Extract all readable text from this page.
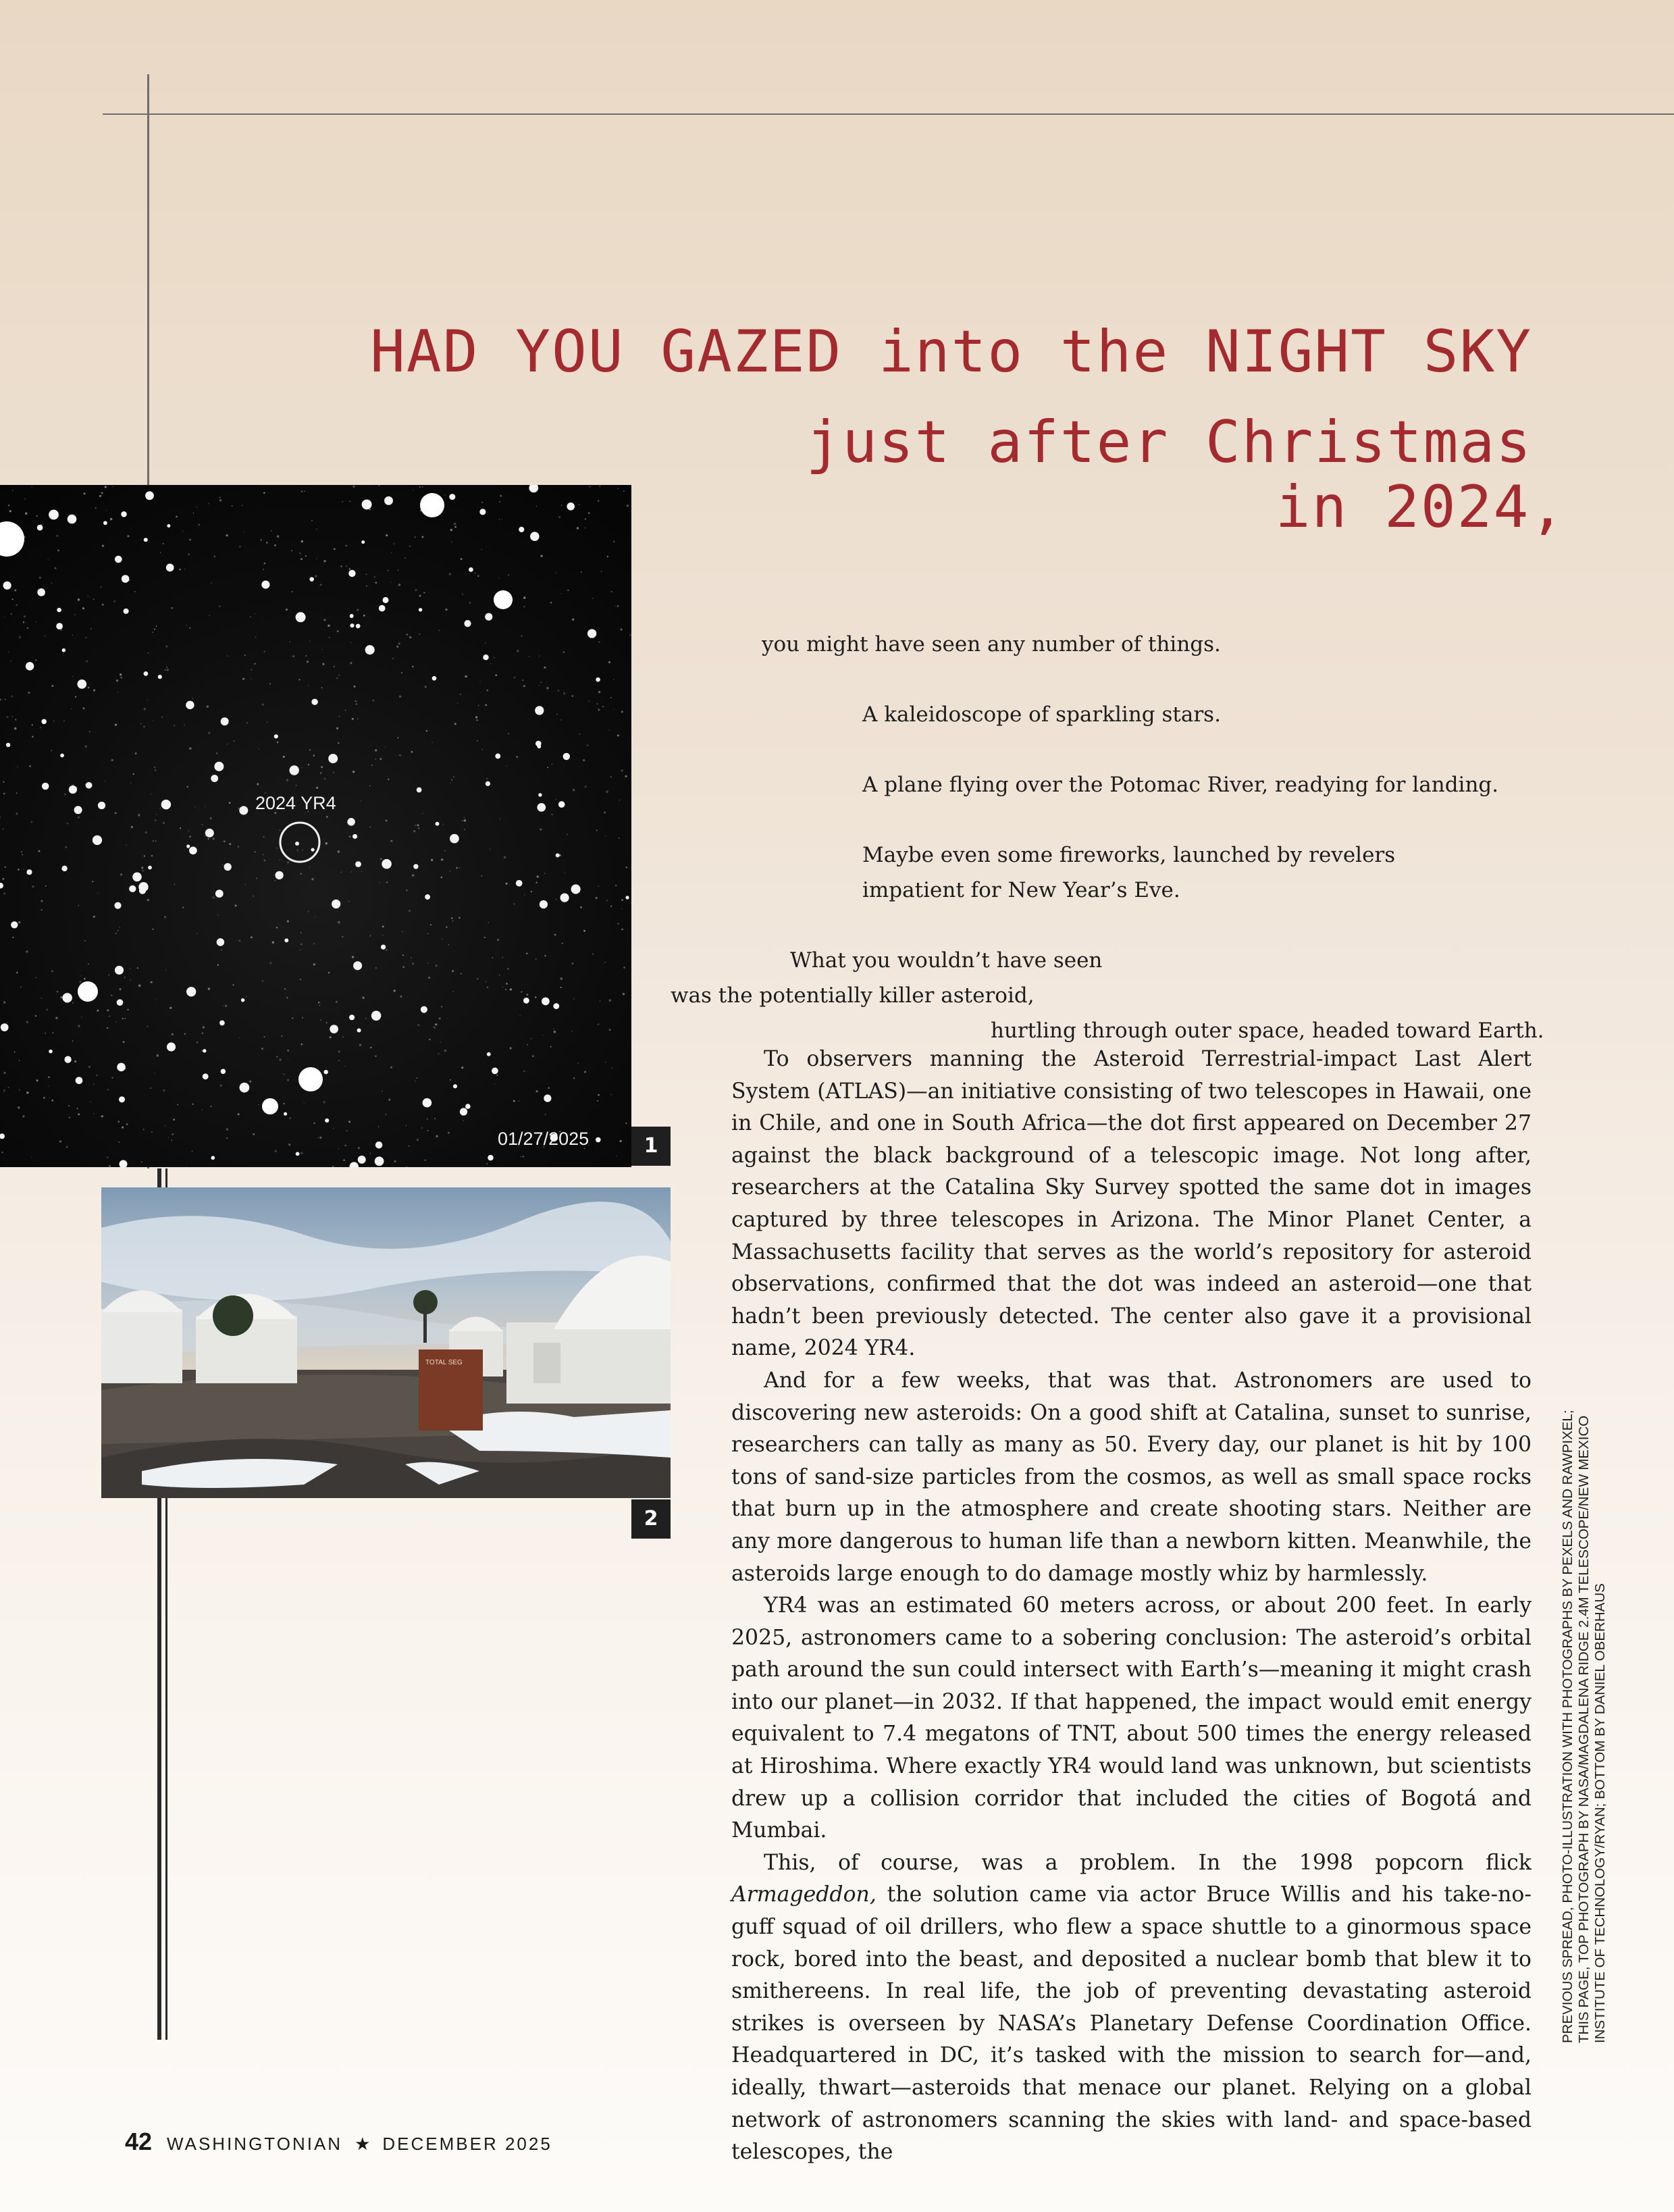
HAD YOU GAZED into the NIGHT SKY
just after Christmas
in 2024,
2024 YR4
01/27/2025	1
TOTAL SEG
2
you might have seen any number of things.
A kaleidoscope of sparkling stars.
A plane flying over the Potomac River, readying for landing.
Maybe even some fireworks, launched by revelers
impatient for New Year’s Eve.
What you wouldn’t have seen
was the potentially killer asteroid,
hurtling through outer space, headed toward Earth.

To observers manning the Asteroid Terrestrial-impact Last Alert System (ATLAS)—an initiative consisting of two telescopes in Hawaii, one in Chile, and one in South Africa—the dot first appeared on December 27 against the black background of a telescopic image. Not long after, researchers at the Catalina Sky Survey spotted the same dot in images captured by three telescopes in Arizona. The Minor Planet Center, a Massachusetts facility that serves as the world’s repository for asteroid observations, confirmed that the dot was indeed an asteroid—one that hadn’t been previously detected. The center also gave it a provisional name, 2024 YR4.

And for a few weeks, that was that. Astronomers are used to discovering new asteroids: On a good shift at Catalina, sunset to sunrise, researchers can tally as many as 50. Every day, our planet is hit by 100 tons of sand-size particles from the cosmos, as well as small space rocks that burn up in the atmosphere and create shooting stars. Neither are any more dangerous to human life than a newborn kitten. Meanwhile, the asteroids large enough to do damage mostly whiz by harmlessly.

YR4 was an estimated 60 meters across, or about 200 feet. In early 2025, astronomers came to a sobering conclusion: The asteroid’s orbital path around the sun could intersect with Earth’s—meaning it might crash into our planet—in 2032. If that happened, the impact would emit energy equivalent to 7.4 megatons of TNT, about 500 times the energy released at Hiroshima. Where exactly YR4 would land was unknown, but scientists drew up a collision corridor that included the cities of Bogotá and Mumbai.

This, of course, was a problem. In the 1998 popcorn flick Armageddon, the solution came via actor Bruce Willis and his take-no-guff squad of oil drillers, who flew a space shuttle to a ginormous space rock, bored into the beast, and deposited a nuclear bomb that blew it to smithereens. In real life, the job of preventing devastating asteroid strikes is overseen by NASA’s Planetary Defense Coordination Office. Headquartered in DC, it’s tasked with the mission to search for—and, ideally, thwart—asteroids that menace our planet. Relying on a global network of astronomers scanning the skies with land- and space-based telescopes, the

PREVIOUS SPREAD, PHOTO-ILLUSTRATION WITH PHOTOGRAPHS BY PEXELS AND RAWPIXEL; THIS PAGE, TOP PHOTOGRAPH BY NASA/MAGDALENA RIDGE 2.4M TELESCOPE/NEW MEXICO INSTITUTE OF TECHNOLOGY/RYAN; BOTTOM BY DANIEL OBERHAUS
42 WASHINGTONIAN ★ DECEMBER 2025
